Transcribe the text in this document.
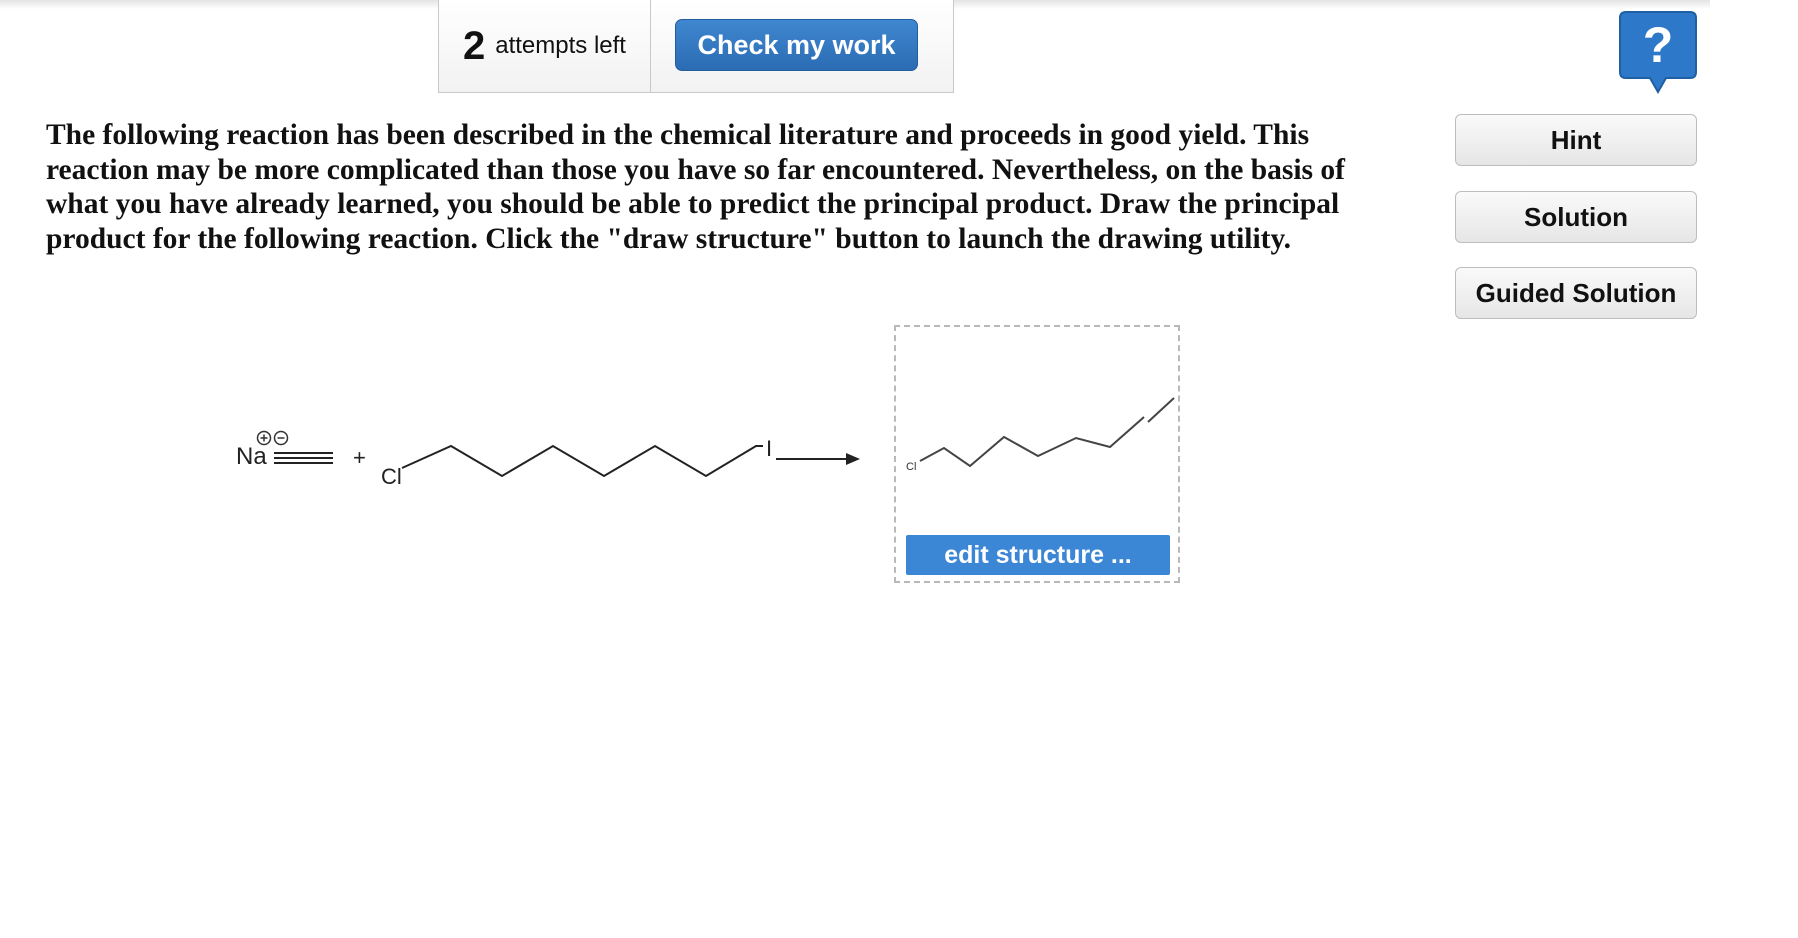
2 attempts left	Check my work	?

The following reaction has been described in the chemical literature and proceeds in good yield. This reaction may be more complicated than those you have so far encountered. Nevertheless, on the basis of what you have already learned, you should be able to predict the principal product. Draw the principal product for the following reaction. Click the "draw structure" button to launch the drawing utility.

Hint
Solution
Guided Solution
Na	+
Cl
I
Cl
edit structure ...
